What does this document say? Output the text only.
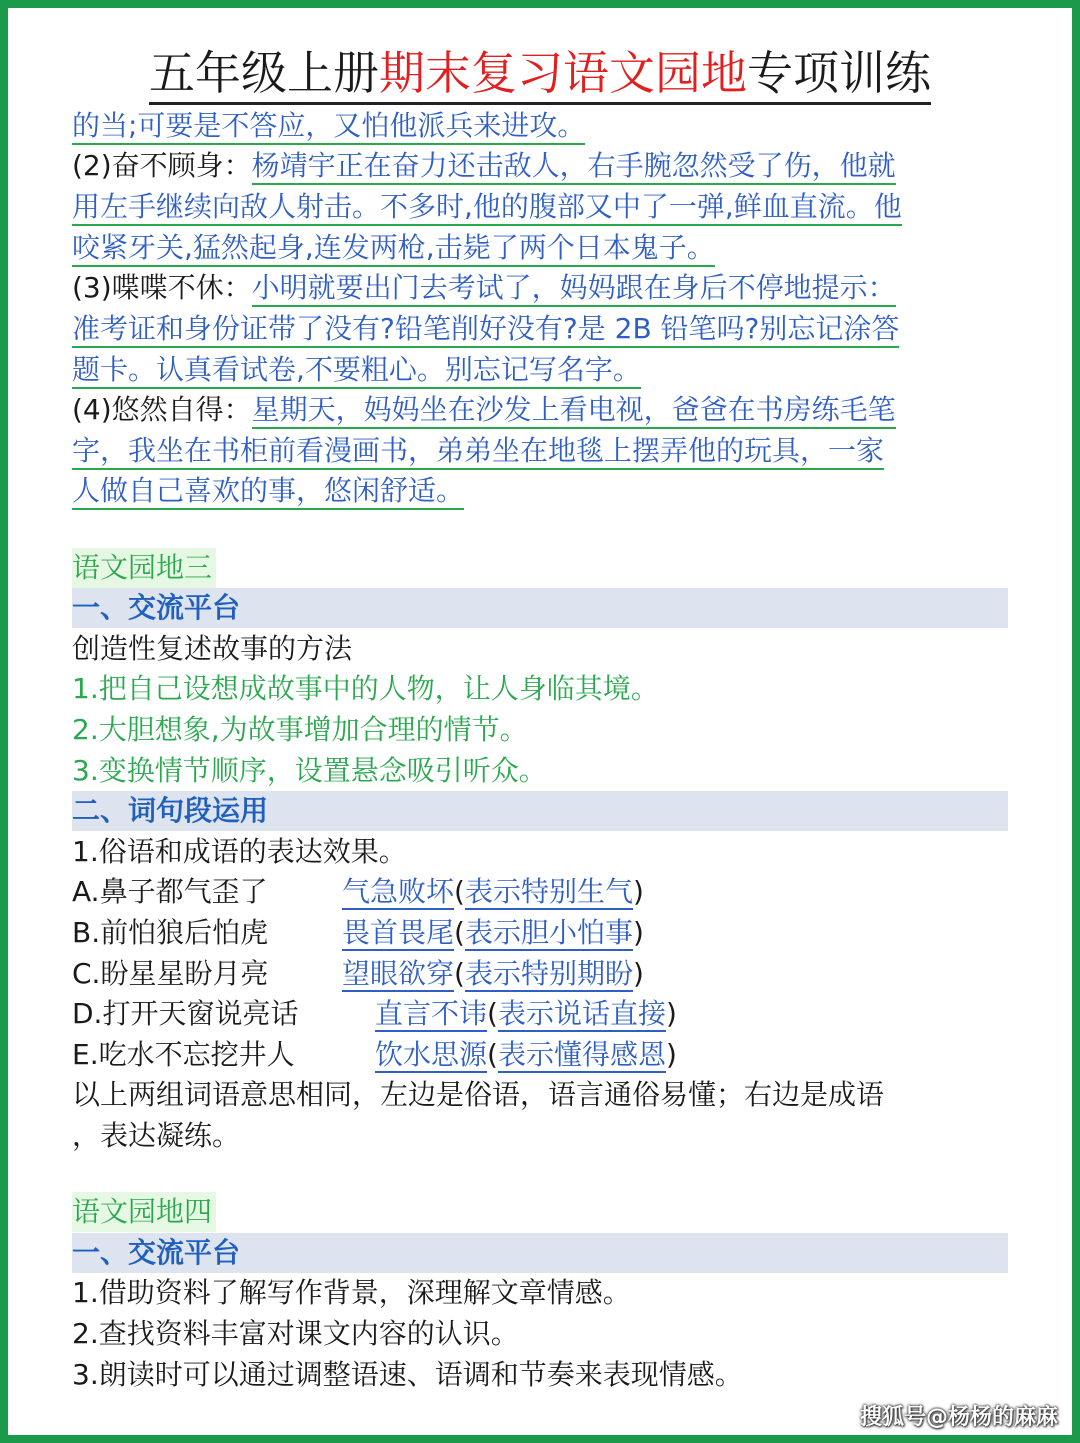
五年级上册期末复习语文园地专项训练
的当;可要是不答应，又怕他派兵来进攻。
(2)奋不顾身：杨靖宇正在奋力还击敌人，右手腕忽然受了伤，他就
用左手继续向敌人射击。不多时,他的腹部又中了一弹,鲜血直流。他
咬紧牙关,猛然起身,连发两枪,击毙了两个日本鬼子。
(3)喋喋不休：小明就要出门去考试了，妈妈跟在身后不停地提示：
准考证和身份证带了没有?铅笔削好没有?是 2B 铅笔吗?别忘记涂答
题卡。认真看试卷,不要粗心。别忘记写名字。
(4)悠然自得：星期天，妈妈坐在沙发上看电视，爸爸在书房练毛笔
字，我坐在书柜前看漫画书，弟弟坐在地毯上摆弄他的玩具，一家
人做自己喜欢的事，悠闲舒适。
语文园地三
一、交流平台
创造性复述故事的方法
1.把自己设想成故事中的人物，让人身临其境。
2.大胆想象,为故事增加合理的情节。
3.变换情节顺序，设置悬念吸引听众。
二、词句段运用
1.俗语和成语的表达效果。
A.鼻子都气歪了	气急败坏(表示特别生气)
B.前怕狼后怕虎	畏首畏尾(表示胆小怕事)
C.盼星星盼月亮	望眼欲穿(表示特别期盼)
D.打开天窗说亮话	直言不讳(表示说话直接)
E.吃水不忘挖井人	饮水思源(表示懂得感恩)
以上两组词语意思相同，左边是俗语，语言通俗易懂；右边是成语
，表达凝练。
语文园地四
一、交流平台
1.借助资料了解写作背景，深理解文章情感。
2.查找资料丰富对课文内容的认识。
3.朗读时可以通过调整语速、语调和节奏来表现情感。
搜狐号@杨杨的麻麻
